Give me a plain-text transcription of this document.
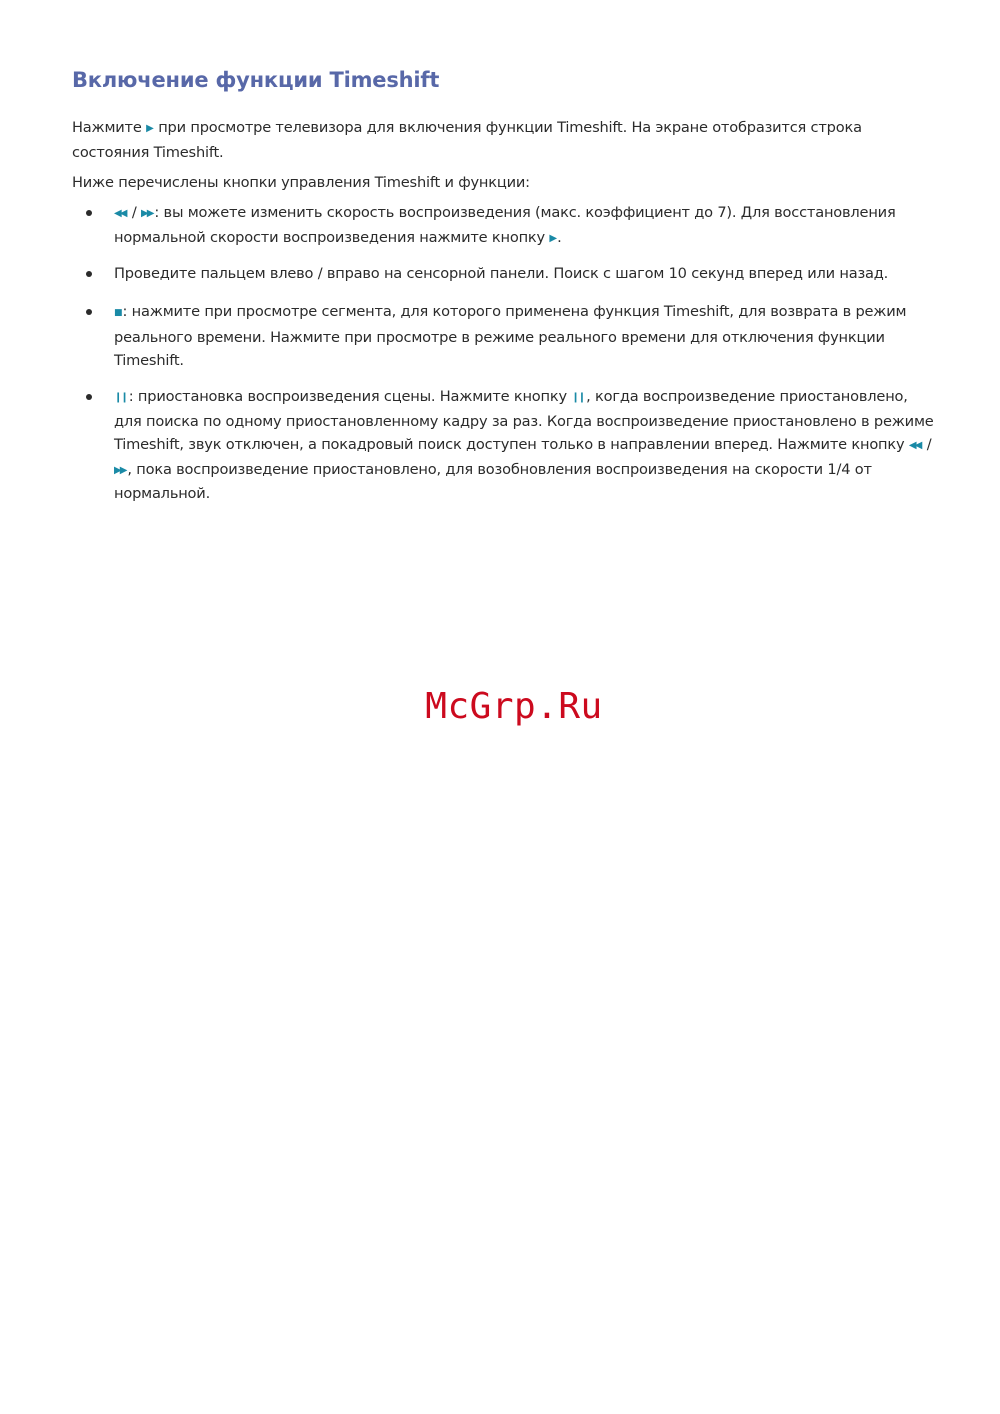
Включение функции Timeshift

Нажмите ▶ при просмотре телевизора для включения функции Timeshift. На экране отобразится строка состояния Timeshift.

Ниже перечислены кнопки управления Timeshift и функции:

◀◀ / ▶▶ : вы можете изменить скорость воспроизведения (макс. коэффициент до 7). Для восстановления нормальной скорости воспроизведения нажмите кнопку ▶ .
Проведите пальцем влево / вправо на сенсорной панели. Поиск с шагом 10 секунд вперед или назад.
■: нажмите при просмотре сегмента, для которого применена функция Timeshift, для возврата в режим реального времени. Нажмите при просмотре в режиме реального времени для отключения функции Timeshift.
❙❙ : приостановка воспроизведения сцены. Нажмите кнопку ❙❙ , когда воспроизведение приостановлено, для поиска по одному приостановленному кадру за раз. Когда воспроизведение приостановлено в режиме Timeshift, звук отключен, а покадровый поиск доступен только в направлении вперед. Нажмите кнопку ◀◀ / ▶▶ , пока воспроизведение приостановлено, для возобновления воспроизведения на скорости 1/4 от нормальной.
McGrp.Ru
